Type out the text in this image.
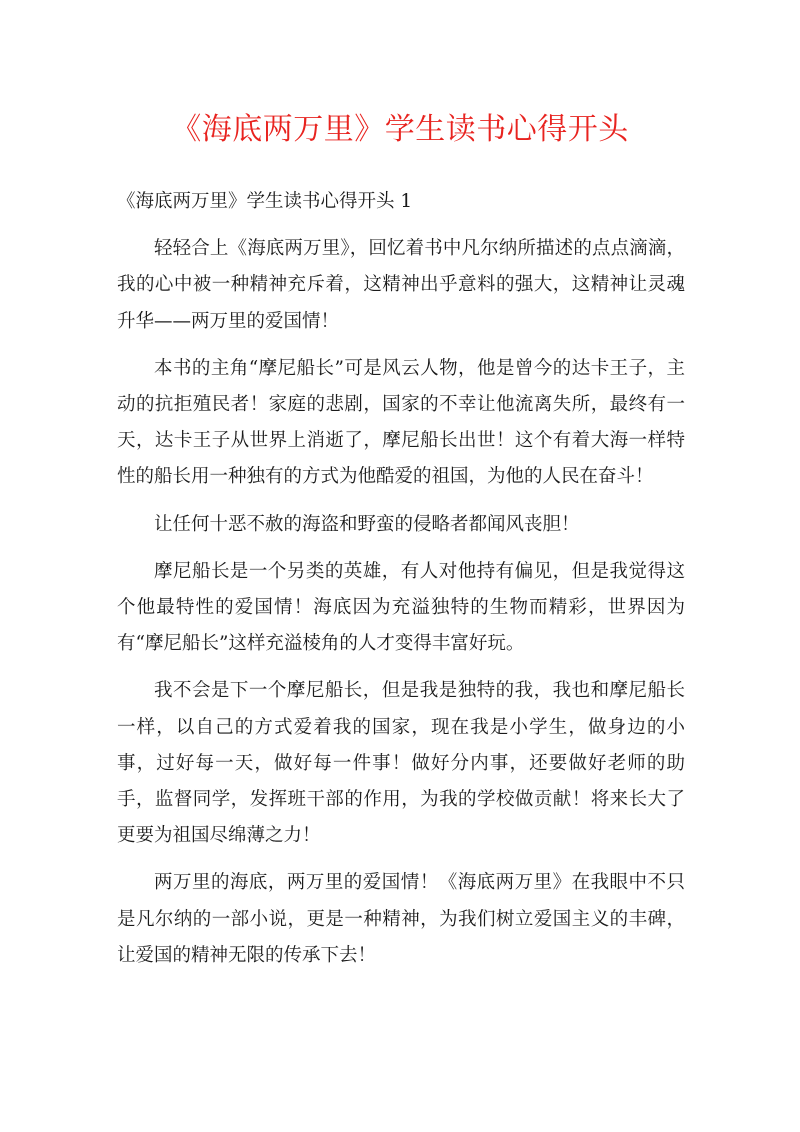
《海底两万里》学生读书心得开头

《海底两万里》学生读书心得开头 1

轻轻合上《海底两万里》，回忆着书中凡尔纳所描述的点点滴滴，我的心中被一种精神充斥着，这精神出乎意料的强大，这精神让灵魂升华——两万里的爱国情！

本书的主角“摩尼船长”可是风云人物，他是曾今的达卡王子，主动的抗拒殖民者！家庭的悲剧，国家的不幸让他流离失所，最终有一天，达卡王子从世界上消逝了，摩尼船长出世！这个有着大海一样特性的船长用一种独有的方式为他酷爱的祖国，为他的人民在奋斗！

让任何十恶不赦的海盗和野蛮的侵略者都闻风丧胆！

摩尼船长是一个另类的英雄，有人对他持有偏见，但是我觉得这个他最特性的爱国情！海底因为充溢独特的生物而精彩，世界因为有“摩尼船长”这样充溢棱角的人才变得丰富好玩。

我不会是下一个摩尼船长，但是我是独特的我，我也和摩尼船长一样，以自己的方式爱着我的国家，现在我是小学生，做身边的小事，过好每一天，做好每一件事！做好分内事，还要做好老师的助手，监督同学，发挥班干部的作用，为我的学校做贡献！将来长大了更要为祖国尽绵薄之力！

两万里的海底，两万里的爱国情！《海底两万里》在我眼中不只是凡尔纳的一部小说，更是一种精神，为我们树立爱国主义的丰碑，让爱国的精神无限的传承下去！
